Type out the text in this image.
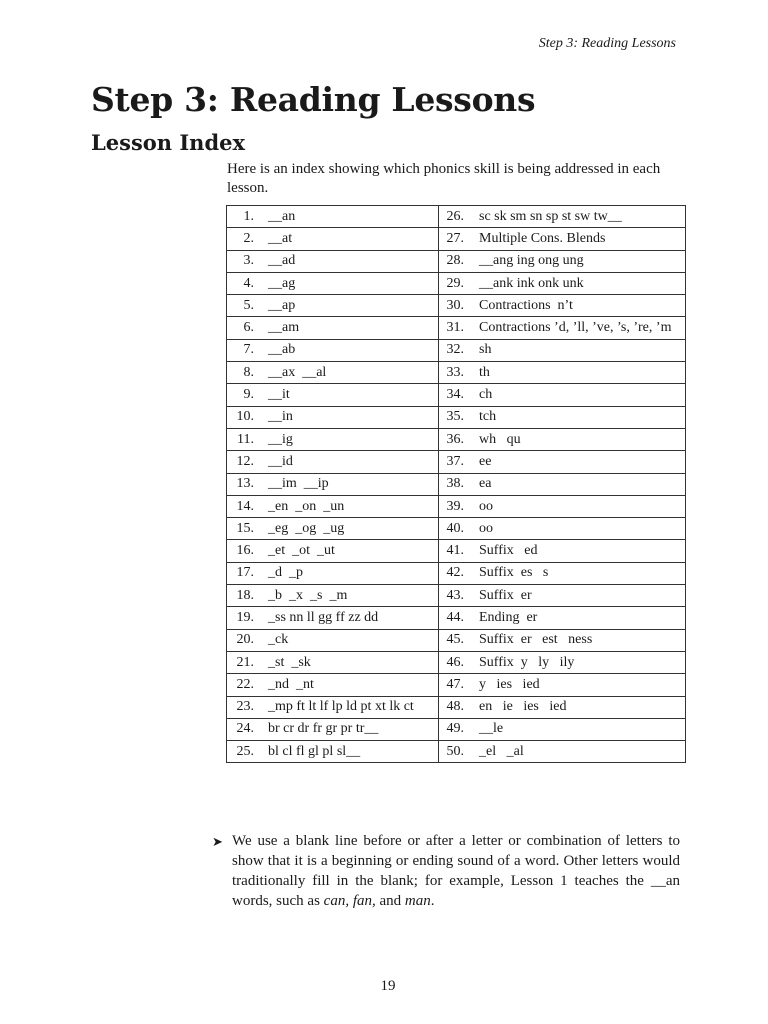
Step 3: Reading Lessons
Step 3: Reading Lessons
Lesson Index

Here is an index showing which phonics skill is being addressed in each lesson.

1. __an	26. sc sk sm sn sp st sw tw__
2. __at	27. Multiple Cons. Blends
3. __ad	28. __ang ing ong ung
4. __ag	29. __ank ink onk unk
5. __ap	30. Contractions  n’t
6. __am	31. Contractions ’d, ’ll, ’ve, ’s, ’re, ’m
7. __ab	32. sh
8. __ax  __al	33. th
9. __it	34. ch
10. __in	35. tch
11. __ig	36. wh   qu
12. __id	37. ee
13. __im  __ip	38. ea
14. _en  _on  _un	39. oo
15. _eg  _og  _ug	40. oo
16. _et  _ot  _ut	41. Suffix   ed
17. _d  _p	42. Suffix  es   s
18. _b  _x  _s  _m	43. Suffix  er
19. _ss nn ll gg ff zz dd	44. Ending  er
20. _ck	45. Suffix  er   est   ness
21. _st  _sk	46. Suffix  y   ly   ily
22. _nd  _nt	47. y   ies   ied
23. _mp ft lt lf lp ld pt xt lk ct	48. en   ie   ies   ied
24. br cr dr fr gr pr tr__	49. __le
25. bl cl fl gl pl sl__	50. _el   _al
➤ We use a blank line before or after a letter or combination of letters to show that it is a beginning or ending sound of a word. Other letters would traditionally fill in the blank; for example, Lesson 1 teaches the __an words, such as can, fan, and man.
19
